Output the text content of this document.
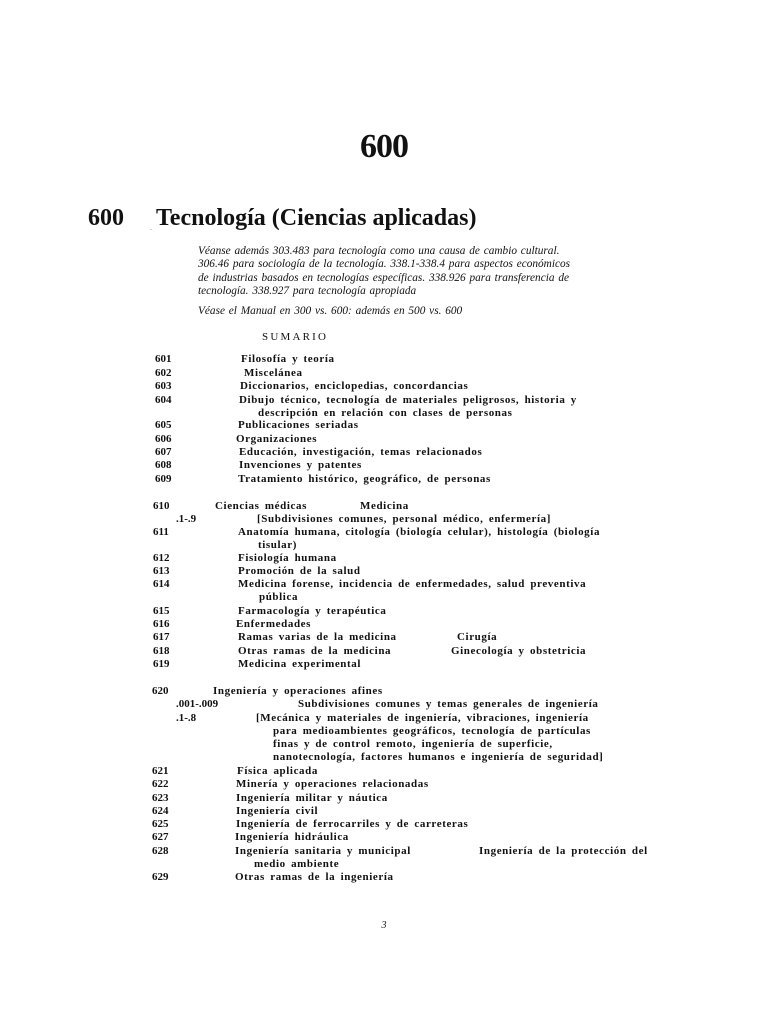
600
600	. Tecnología (Ciencias aplicadas)
Véanse además 303.483 para tecnología como una causa de cambio cultural.
306.46 para sociología de la tecnología. 338.1-338.4 para aspectos económicos
de industrias basados en tecnologías específicas. 338.926 para transferencia de
tecnología. 338.927 para tecnología apropiada
Véase el Manual en 300 vs. 600: además en 500 vs. 600
SUMARIO
601	Filosofía y teoría
602	Miscelánea
603	Diccionarios, enciclopedias, concordancias
604	Dibujo técnico, tecnología de materiales peligrosos, historia y
descripción en relación con clases de personas
605	Publicaciones seriadas
606	Organizaciones
607	Educación, investigación, temas relacionados
608	Invenciones y patentes
609	Tratamiento histórico, geográfico, de personas
610	Ciencias médicas	Medicina
.1-.9	[Subdivisiones comunes, personal médico, enfermería]
611	Anatomía humana, citología (biología celular), histología (biología
tisular)
612	Fisiología humana
613	Promoción de la salud
614	Medicina forense, incidencia de enfermedades, salud preventiva
pública
615	Farmacología y terapéutica
616	Enfermedades
617	Ramas varias de la medicina	Cirugía
618	Otras ramas de la medicina	Ginecología y obstetricia
619	Medicina experimental
620	Ingeniería y operaciones afines
.001-.009	Subdivisiones comunes y temas generales de ingeniería
.1-.8	[Mecánica y materiales de ingeniería, vibraciones, ingeniería
para medioambientes geográficos, tecnología de partículas
finas y de control remoto, ingeniería de superficie,
nanotecnología, factores humanos e ingeniería de seguridad]
621	Física aplicada
622	Minería y operaciones relacionadas
623	Ingeniería militar y náutica
624	Ingeniería civil
625	Ingeniería de ferrocarriles y de carreteras
627	Ingeniería hidráulica
628	Ingeniería sanitaria y municipal	Ingeniería de la protección del
medio ambiente
629	Otras ramas de la ingeniería
3
